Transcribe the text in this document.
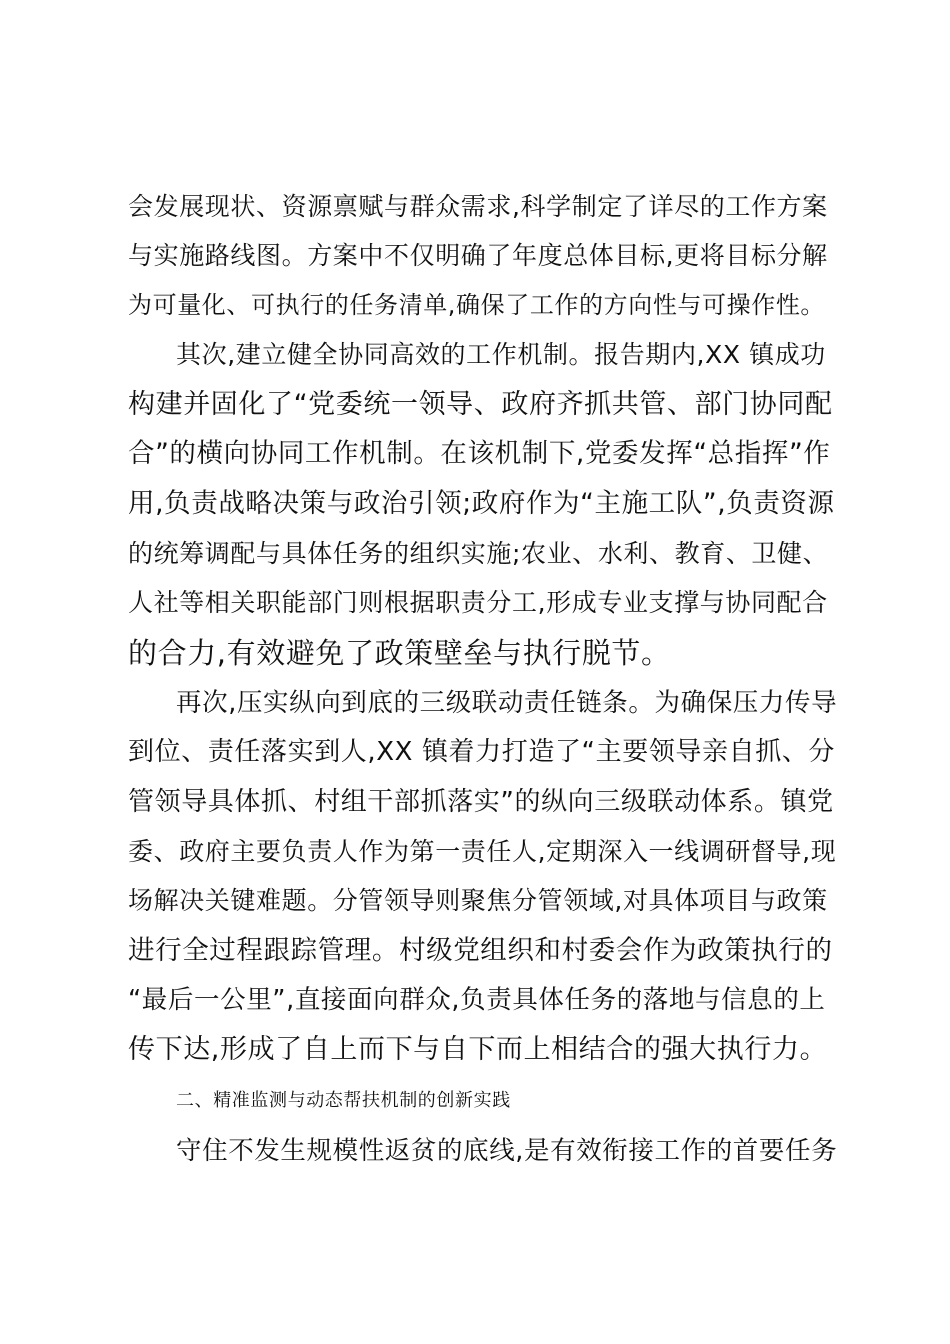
会发展现状、资源禀赋与群众需求,科学制定了详尽的工作方案
与实施路线图。方案中不仅明确了年度总体目标,更将目标分解
为可量化、可执行的任务清单,确保了工作的方向性与可操作性。
其次,建立健全协同高效的工作机制。报告期内,XX 镇成功
构建并固化了“党委统一领导、政府齐抓共管、部门协同配
合”的横向协同工作机制。在该机制下,党委发挥“总指挥”作
用,负责战略决策与政治引领;政府作为“主施工队”,负责资源
的统筹调配与具体任务的组织实施;农业、水利、教育、卫健、
人社等相关职能部门则根据职责分工,形成专业支撑与协同配合
的合力,有效避免了政策壁垒与执行脱节。
再次,压实纵向到底的三级联动责任链条。为确保压力传导
到位、责任落实到人,XX 镇着力打造了“主要领导亲自抓、分
管领导具体抓、村组干部抓落实”的纵向三级联动体系。镇党
委、政府主要负责人作为第一责任人,定期深入一线调研督导,现
场解决关键难题。分管领导则聚焦分管领域,对具体项目与政策
进行全过程跟踪管理。村级党组织和村委会作为政策执行的
“最后一公里”,直接面向群众,负责具体任务的落地与信息的上
传下达,形成了自上而下与自下而上相结合的强大执行力。
二、精准监测与动态帮扶机制的创新实践
守住不发生规模性返贫的底线,是有效衔接工作的首要任务
